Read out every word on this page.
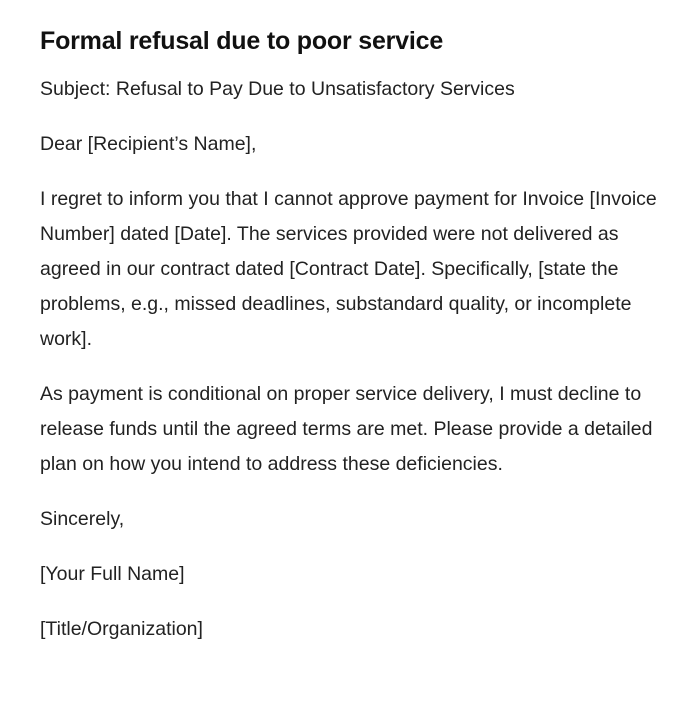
Formal refusal due to poor service

Subject: Refusal to Pay Due to Unsatisfactory Services

Dear [Recipient’s Name],

I regret to inform you that I cannot approve payment for Invoice [Invoice Number] dated [Date]. The services provided were not delivered as agreed in our contract dated [Contract Date]. Specifically, [state the problems, e.g., missed deadlines, substandard quality, or incomplete work].

As payment is conditional on proper service delivery, I must decline to release funds until the agreed terms are met. Please provide a detailed plan on how you intend to address these deficiencies.

Sincerely,

[Your Full Name]

[Title/Organization]
